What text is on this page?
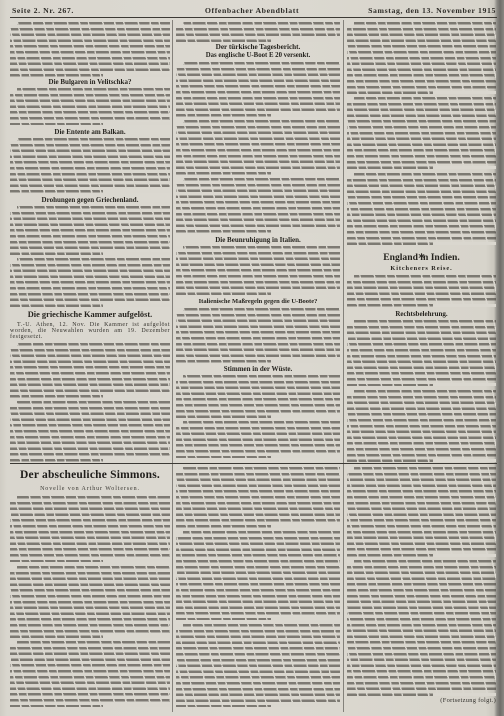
Seite 2. Nr. 267.	Offenbacher Abendblatt	Samstag, den 13. November 1915
Die Bulgaren in Velitschka?
Die Entente am Balkan.
Drohungen gegen Griechenland.
Die griechische Kammer aufgelöst.
T.-U. Athen, 12. Nov. Die Kammer ist aufgelöst worden, die Neuwahlen wurden am 19. Dezember festgesetzt.
Der türkische Tagesbericht.
Das englische U-Boot E 20 versenkt.
Die Beunruhigung in Italien.
Italienische Maßregeln gegen die U-Boote?
Stimmen in der Wüste.
England in Indien.
Kitcheners Reise.
Rechtsbelehrung.
Der abscheuliche Simmons.
Novelle von Arthur Woltersen.
(Fortsetzung folgt.)
